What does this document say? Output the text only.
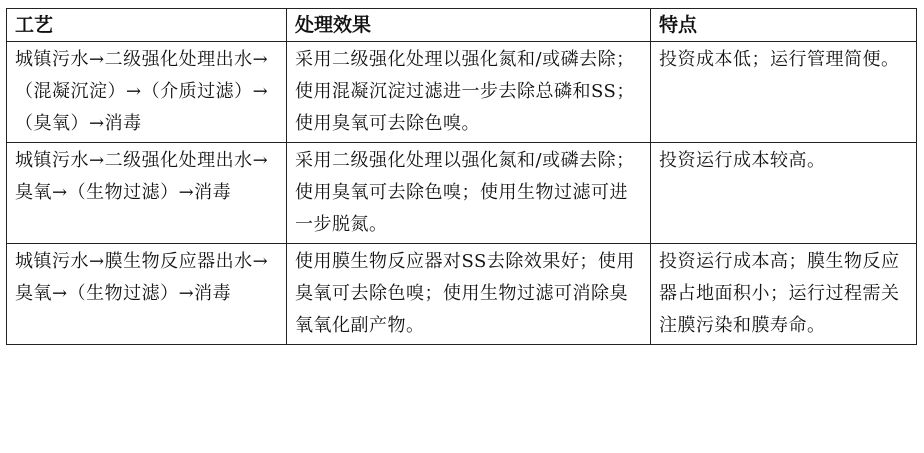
工艺	处理效果	特点

城镇污水→二级强化处理出水→（混凝沉淀）→（介质过滤）→（臭氧）→消毒	采用二级强化处理以强化氮和/或磷去除；使用混凝沉淀过滤进一步去除总磷和SS；使用臭氧可去除色嗅。	投资成本低；运行管理简便。

城镇污水→二级强化处理出水→臭氧→（生物过滤）→消毒	采用二级强化处理以强化氮和/或磷去除；使用臭氧可去除色嗅；使用生物过滤可进一步脱氮。	投资运行成本较高。

城镇污水→膜生物反应器出水→臭氧→（生物过滤）→消毒	使用膜生物反应器对SS去除效果好；使用臭氧可去除色嗅；使用生物过滤可消除臭氧氧化副产物。	投资运行成本高；膜生物反应器占地面积小；运行过程需关注膜污染和膜寿命。
